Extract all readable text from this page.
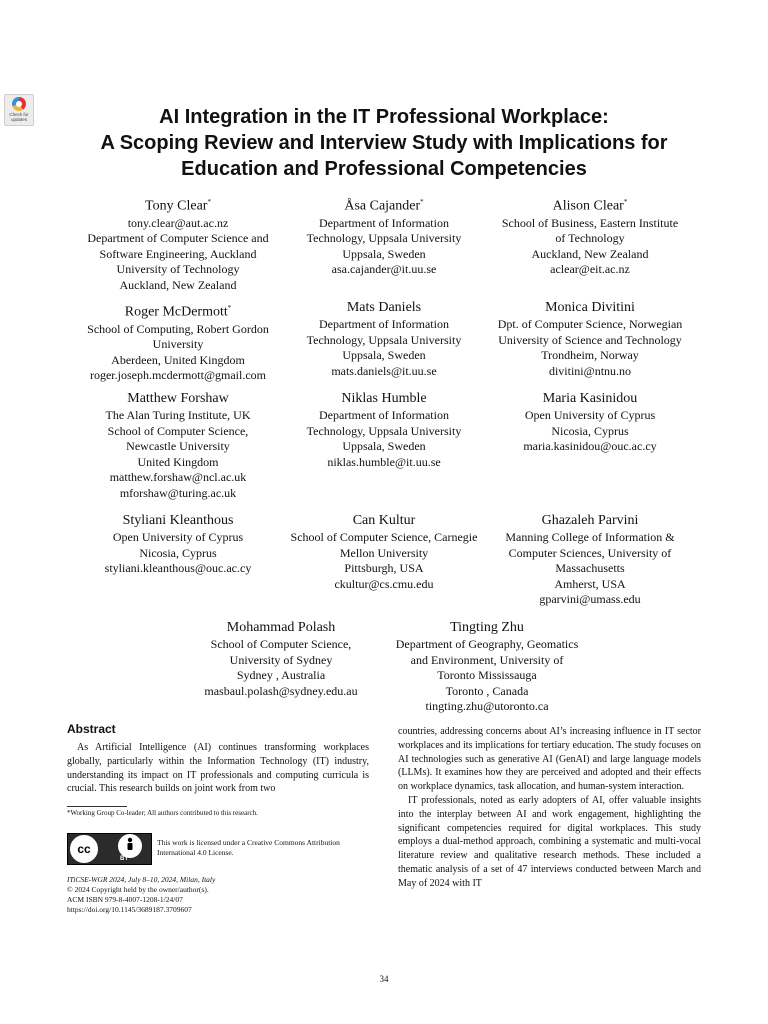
Check for
updates	AI Integration in the IT Professional Workplace:
A Scoping Review and Interview Study with Implications for
Education and Professional Competencies
Tony Clear*
tony.clear@aut.ac.nz
Department of Computer Science and
Software Engineering, Auckland
University of Technology
Auckland, New Zealand
Åsa Cajander*
Department of Information
Technology, Uppsala University
Uppsala, Sweden
asa.cajander@it.uu.se
Alison Clear*
School of Business, Eastern Institute
of Technology
Auckland, New Zealand
aclear@eit.ac.nz
Roger McDermott*
School of Computing, Robert Gordon
University
Aberdeen, United Kingdom
roger.joseph.mcdermott@gmail.com
Mats Daniels
Department of Information
Technology, Uppsala University
Uppsala, Sweden
mats.daniels@it.uu.se
Monica Divitini
Dpt. of Computer Science, Norwegian
University of Science and Technology
Trondheim, Norway
divitini@ntnu.no
Matthew Forshaw
The Alan Turing Institute, UK
School of Computer Science,
Newcastle University
United Kingdom
matthew.forshaw@ncl.ac.uk
mforshaw@turing.ac.uk
Niklas Humble
Department of Information
Technology, Uppsala University
Uppsala, Sweden
niklas.humble@it.uu.se
Maria Kasinidou
Open University of Cyprus
Nicosia, Cyprus
maria.kasinidou@ouc.ac.cy
Styliani Kleanthous
Open University of Cyprus
Nicosia, Cyprus
styliani.kleanthous@ouc.ac.cy
Can Kultur
School of Computer Science, Carnegie
Mellon University
Pittsburgh, USA
ckultur@cs.cmu.edu
Ghazaleh Parvini
Manning College of Information &
Computer Sciences, University of
Massachusetts
Amherst, USA
gparvini@umass.edu
Mohammad Polash
School of Computer Science,
University of Sydney
Sydney , Australia
masbaul.polash@sydney.edu.au
Tingting Zhu
Department of Geography, Geomatics
and Environment, University of
Toronto Mississauga
Toronto , Canada
tingting.zhu@utoronto.ca
Abstract

As Artificial Intelligence (AI) continues transforming workplaces globally, particularly within the Information Technology (IT) industry, understanding its impact on IT professionals and computing curricula is crucial. This research builds on joint work from two

countries, addressing concerns about AI’s increasing influence in IT sector workplaces and its implications for tertiary education. The study focuses on AI technologies such as generative AI (GenAI) and large language models (LLMs). It examines how they are perceived and adopted and their effects on workplace dynamics, task allocation, and human-system interaction.

IT professionals, noted as early adopters of AI, offer valuable insights into the interplay between AI and work engagement, highlighting the significant competencies required for digital workplaces. This study employs a dual-method approach, combining a systematic and multi-vocal literature review and qualitative research methods. These included a thematic analysis of a set of 47 interviews conducted between March and May of 2024 with IT

*Working Group Co-leader; All authors contributed to this research.
cc
BY
This work is licensed under a Creative Commons Attribution International 4.0 License.
ITiCSE-WGR 2024, July 8–10, 2024, Milan, Italy
© 2024 Copyright held by the owner/author(s).
ACM ISBN 979-8-4007-1208-1/24/07
https://doi.org/10.1145/3689187.3709607
34
